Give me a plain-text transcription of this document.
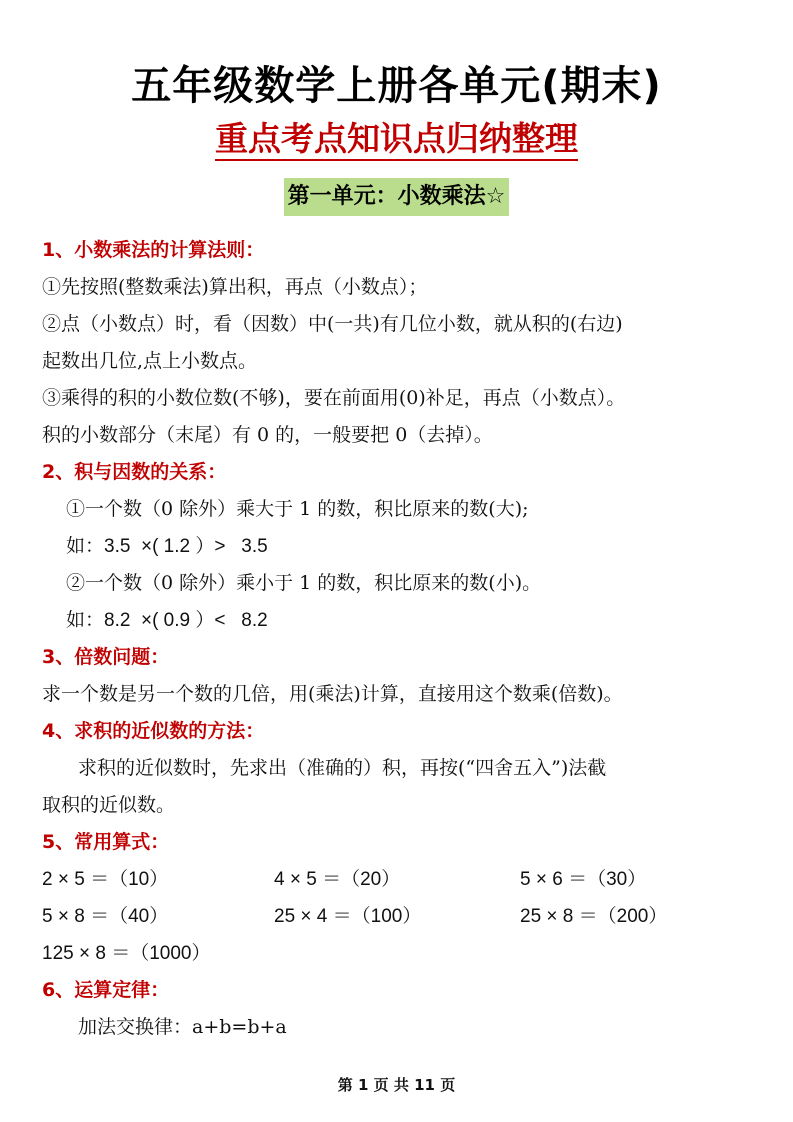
五年级数学上册各单元(期末)
重点考点知识点归纳整理
第一单元：小数乘法☆
1、小数乘法的计算法则：
①先按照(整数乘法)算出积，再点（小数点）；
②点（小数点）时，看（因数）中(一共)有几位小数，就从积的(右边)
起数出几位,点上小数点。
③乘得的积的小数位数(不够)，要在前面用(0)补足，再点（小数点）。
积的小数部分（末尾）有 0 的，一般要把 0（去掉）。
2、积与因数的关系：
①一个数（0 除外）乘大于 1 的数，积比原来的数(大);
如：3.5  ×( 1.2 ）>   3.5
②一个数（0 除外）乘小于 1 的数，积比原来的数(小)。
如：8.2  ×( 0.9 ）<   8.2
3、倍数问题：
求一个数是另一个数的几倍，用(乘法)计算，直接用这个数乘(倍数)。
4、求积的近似数的方法：
求积的近似数时，先求出（准确的）积，再按(“四舍五入”)法截
取积的近似数。
5、常用算式：
2 × 5 ＝（10）	4 × 5 ＝（20）	5 × 6 ＝（30）
5 × 8 ＝（40）	25 × 4 ＝（100）	25 × 8 ＝（200）
125 × 8 ＝（1000）
6、运算定律：
加法交换律：a+b=b+a
第 1 页 共 11 页
